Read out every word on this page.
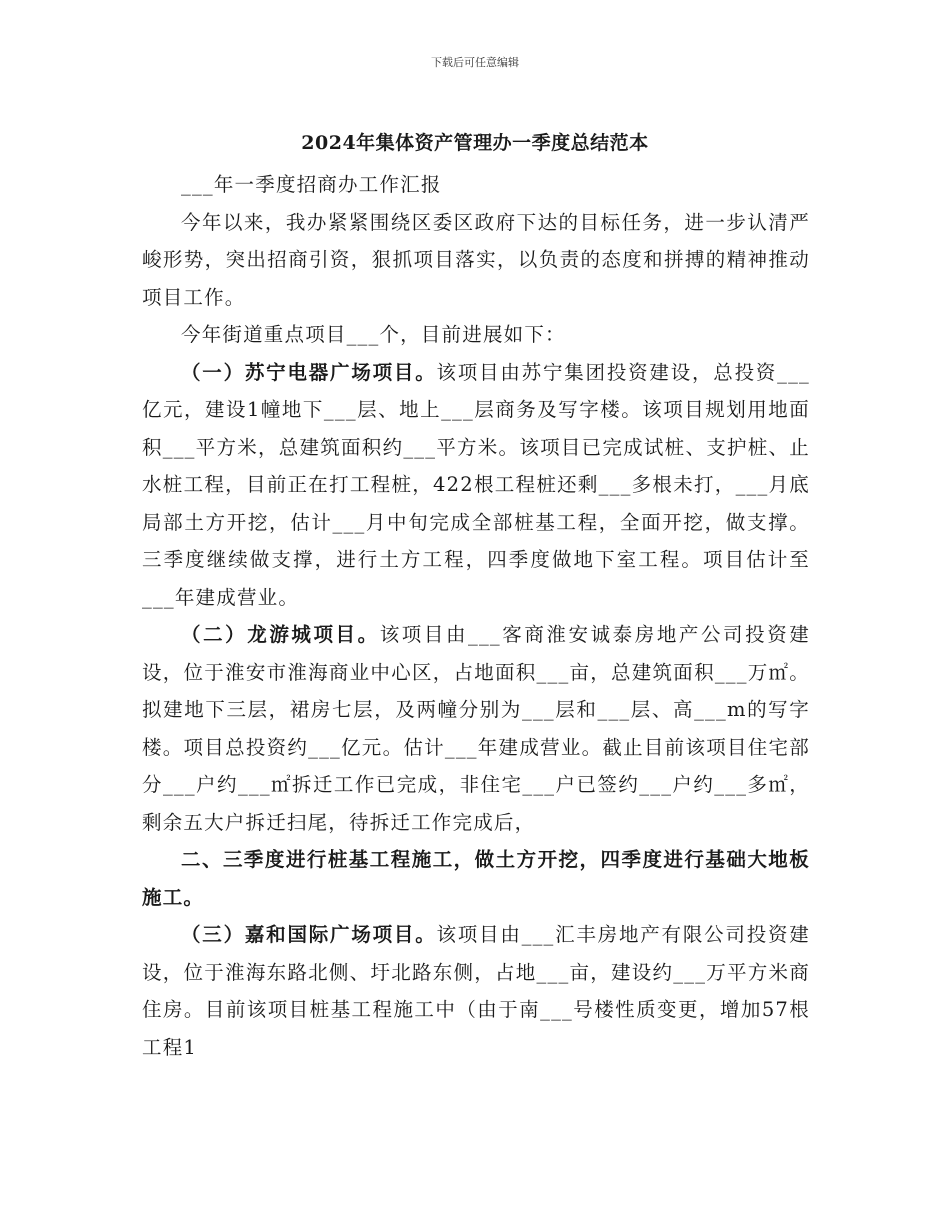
下载后可任意编辑
2024年集体资产管理办一季度总结范本

___年一季度招商办工作汇报

今年以来，我办紧紧围绕区委区政府下达的目标任务，进一步认清严峻形势，突出招商引资，狠抓项目落实，以负责的态度和拼搏的精神推动项目工作。

今年街道重点项目___个，目前进展如下：

（一）苏宁电器广场项目。该项目由苏宁集团投资建设，总投资___亿元，建设1幢地下___层、地上___层商务及写字楼。该项目规划用地面积___平方米，总建筑面积约___平方米。该项目已完成试桩、支护桩、止水桩工程，目前正在打工程桩，422根工程桩还剩___多根未打，___月底局部土方开挖，估计___月中旬完成全部桩基工程，全面开挖，做支撑。三季度继续做支撑，进行土方工程，四季度做地下室工程。项目估计至___年建成营业。

（二）龙游城项目。该项目由___客商淮安诚泰房地产公司投资建设，位于淮安市淮海商业中心区，占地面积___亩，总建筑面积___万㎡。拟建地下三层，裙房七层，及两幢分别为___层和___层、高___m的写字楼。项目总投资约___亿元。估计___年建成营业。截止目前该项目住宅部分___户约___㎡拆迁工作已完成，非住宅___户已签约___户约___多㎡，剩余五大户拆迁扫尾，待拆迁工作完成后，

二、三季度进行桩基工程施工，做土方开挖，四季度进行基础大地板施工。

（三）嘉和国际广场项目。该项目由___汇丰房地产有限公司投资建设，位于淮海东路北侧、圩北路东侧，占地___亩，建设约___万平方米商住房。目前该项目桩基工程施工中（由于南___号楼性质变更，增加57根工程1
